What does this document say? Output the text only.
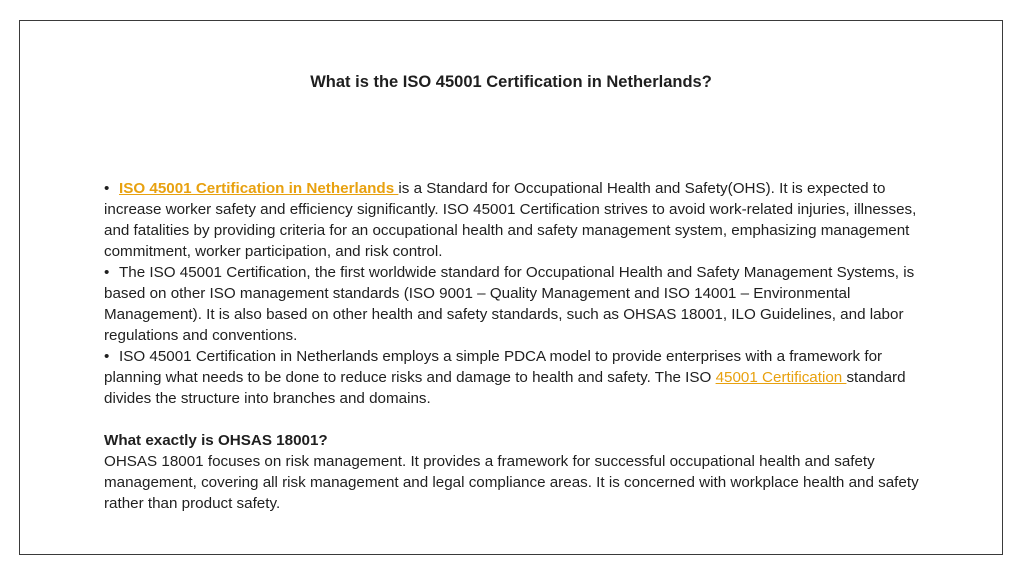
What is the ISO 45001 Certification in Netherlands?

• ISO 45001 Certification in Netherlands is a Standard for Occupational Health and Safety(OHS). It is expected to increase worker safety and efficiency significantly. ISO 45001 Certification strives to avoid work-related injuries, illnesses, and fatalities by providing criteria for an occupational health and safety management system, emphasizing management commitment, worker participation, and risk control.

• The ISO 45001 Certification, the first worldwide standard for Occupational Health and Safety Management Systems, is based on other ISO management standards (ISO 9001 – Quality Management and ISO 14001 – Environmental Management). It is also based on other health and safety standards, such as OHSAS 18001, ILO Guidelines, and labor regulations and conventions.

• ISO 45001 Certification in Netherlands employs a simple PDCA model to provide enterprises with a framework for planning what needs to be done to reduce risks and damage to health and safety. The ISO 45001 Certification standard divides the structure into branches and domains.

What exactly is OHSAS 18001?

OHSAS 18001 focuses on risk management. It provides a framework for successful occupational health and safety management, covering all risk management and legal compliance areas. It is concerned with workplace health and safety rather than product safety.
